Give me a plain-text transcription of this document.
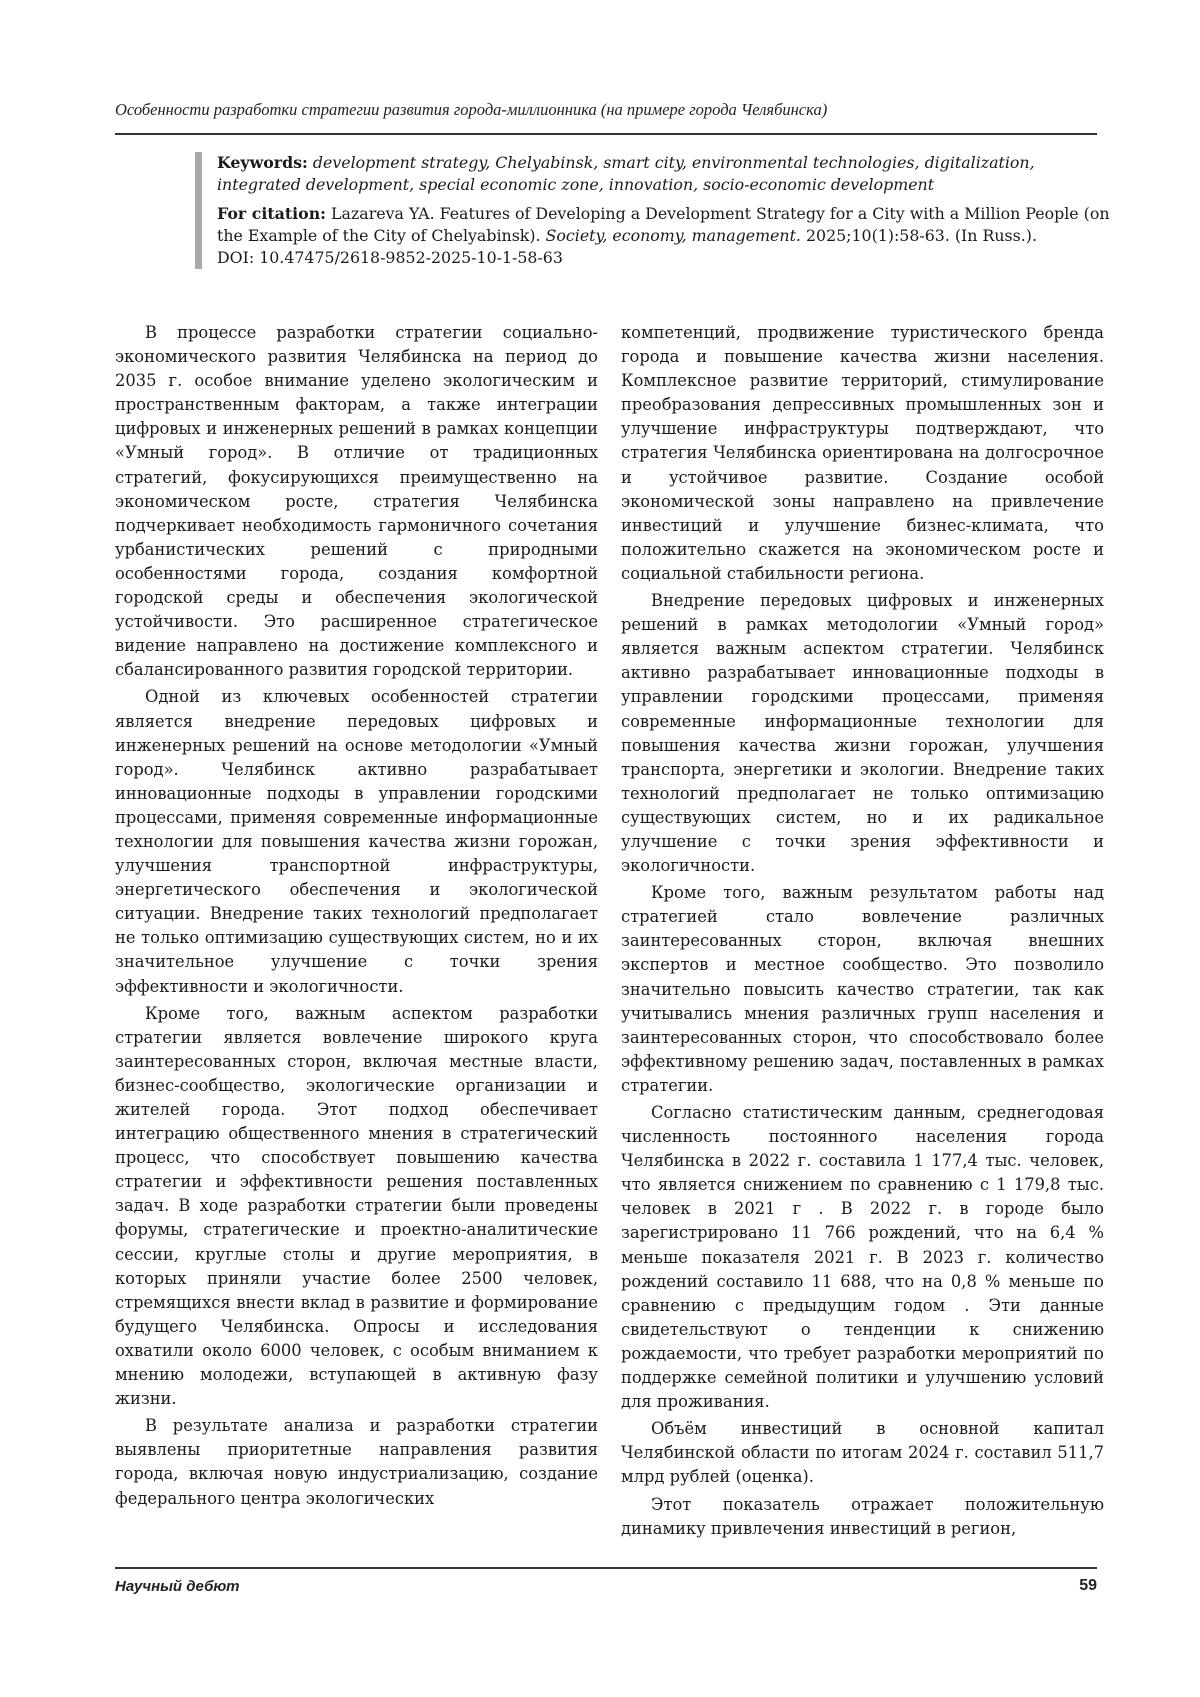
Особенности разработки стратегии развития города-миллионника (на примере города Челябинска)

Keywords: development strategy, Chelyabinsk, smart city, environmental technologies, digitalization, integrated development, special economic zone, innovation, socio-economic development

For citation: Lazareva YA. Features of Developing a Development Strategy for a City with a Million People (on the Example of the City of Chelyabinsk). Society, economy, management. 2025;10(1):58-63. (In Russ.).
DOI: 10.47475/2618-9852-2025-10-1-58-63

В процессе разработки стратегии социально-экономического развития Челябинска на период до 2035 г. особое внимание уделено экологическим и пространственным факторам, а также интеграции цифровых и инженерных решений в рамках концепции «Умный город». В отличие от традиционных стратегий, фокусирующихся преимущественно на экономическом росте, стратегия Челябинска подчеркивает необходимость гармоничного сочетания урбанистических решений с природными особенностями города, создания комфортной городской среды и обеспечения экологической устойчивости. Это расширенное стратегическое видение направлено на достижение комплексного и сбалансированного развития городской территории.

Одной из ключевых особенностей стратегии является внедрение передовых цифровых и инженерных решений на основе методологии «Умный город». Челябинск активно разрабатывает инновационные подходы в управлении городскими процессами, применяя современные информационные технологии для повышения качества жизни горожан, улучшения транспортной инфраструктуры, энергетического обеспечения и экологической ситуации. Внедрение таких технологий предполагает не только оптимизацию существующих систем, но и их значительное улучшение с точки зрения эффективности и экологичности.

Кроме того, важным аспектом разработки стратегии является вовлечение широкого круга заинтересованных сторон, включая местные власти, бизнес-сообщество, экологические организации и жителей города. Этот подход обеспечивает интеграцию общественного мнения в стратегический процесс, что способствует повышению качества стратегии и эффективности решения поставленных задач. В ходе разработки стратегии были проведены форумы, стратегические и проектно-аналитические сессии, круглые столы и другие мероприятия, в которых приняли участие более 2500 человек, стремящихся внести вклад в развитие и формирование будущего Челябинска. Опросы и исследования охватили около 6000 человек, с особым вниманием к мнению молодежи, вступающей в активную фазу жизни.

В результате анализа и разработки стратегии выявлены приоритетные направления развития города, включая новую индустриализацию, создание федерального центра экологических

компетенций, продвижение туристического бренда города и повышение качества жизни населения. Комплексное развитие территорий, стимулирование преобразования депрессивных промышленных зон и улучшение инфраструктуры подтверждают, что стратегия Челябинска ориентирована на долгосрочное и устойчивое развитие. Создание особой экономической зоны направлено на привлечение инвестиций и улучшение бизнес-климата, что положительно скажется на экономическом росте и социальной стабильности региона.

Внедрение передовых цифровых и инженерных решений в рамках методологии «Умный город» является важным аспектом стратегии. Челябинск активно разрабатывает инновационные подходы в управлении городскими процессами, применяя современные информационные технологии для повышения качества жизни горожан, улучшения транспорта, энергетики и экологии. Внедрение таких технологий предполагает не только оптимизацию существующих систем, но и их радикальное улучшение с точки зрения эффективности и экологичности.

Кроме того, важным результатом работы над стратегией стало вовлечение различных заинтересованных сторон, включая внешних экспертов и местное сообщество. Это позволило значительно повысить качество стратегии, так как учитывались мнения различных групп населения и заинтересованных сторон, что способствовало более эффективному решению задач, поставленных в рамках стратегии.

Согласно статистическим данным, среднегодовая численность постоянного населения города Челябинска в 2022 г. составила 1 177,4 тыс. человек, что является снижением по сравнению с 1 179,8 тыс. человек в 2021 г . В 2022 г. в городе было зарегистрировано 11 766 рождений, что на 6,4 % меньше показателя 2021 г. В 2023 г. количество рождений составило 11 688, что на 0,8 % меньше по сравнению с предыдущим годом . Эти данные свидетельствуют о тенденции к снижению рождаемости, что требует разработки мероприятий по поддержке семейной политики и улучшению условий для проживания.

Объём инвестиций в основной капитал Челябинской области по итогам 2024 г. составил 511,7 млрд рублей (оценка).

Этот показатель отражает положительную динамику привлечения инвестиций в регион,

Научный дебют	59
